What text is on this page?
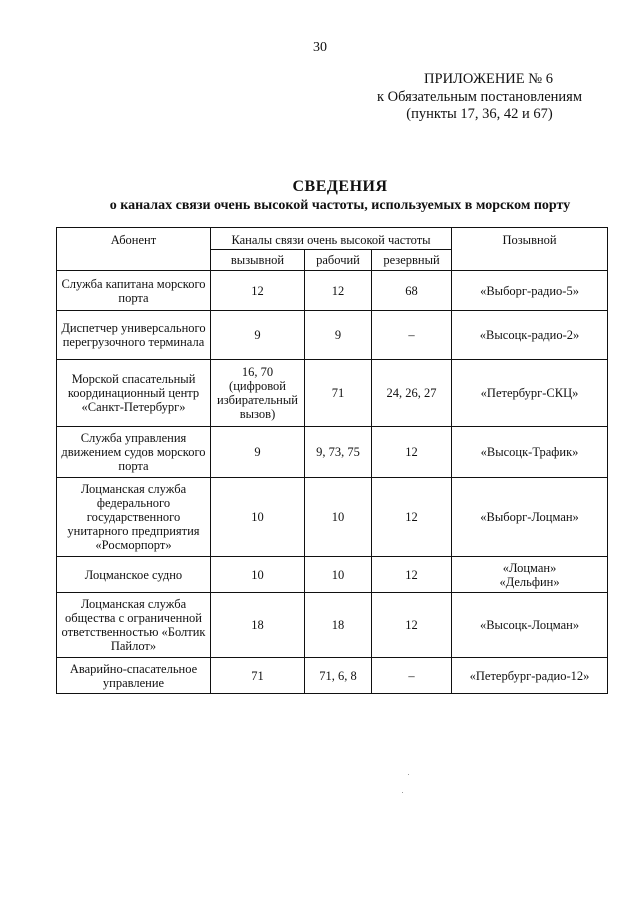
30
ПРИЛОЖЕНИЕ № 6
к Обязательным постановлениям
(пункты 17, 36, 42 и 67)
СВЕДЕНИЯ
о каналах связи очень высокой частоты, используемых в морском порту
Абонент	Каналы связи очень высокой частоты			Позывной
	вызывной	рабочий	резервный	
Служба капитана морского порта	12	12	68	«Выборг-радио-5»
Диспетчер универсального перегрузочного терминала	9	9	–	«Высоцк-радио-2»
Морской спасательный координационный центр «Санкт-Петербург»	16, 70 (цифровой избирательный вызов)	71	24, 26, 27	«Петербург-СКЦ»
Служба управления движением судов морского порта	9	9, 73, 75	12	«Высоцк-Трафик»
Лоцманская служба федерального государственного унитарного предприятия «Росморпорт»	10	10	12	«Выборг-Лоцман»
Лоцманское судно	10	10	12	«Лоцман» «Дельфин»
Лоцманская служба общества с ограниченной ответственностью «Болтик Пайлот»	18	18	12	«Высоцк-Лоцман»
Аварийно-спасательное управление	71	71, 6, 8	–	«Петербург-радио-12»
